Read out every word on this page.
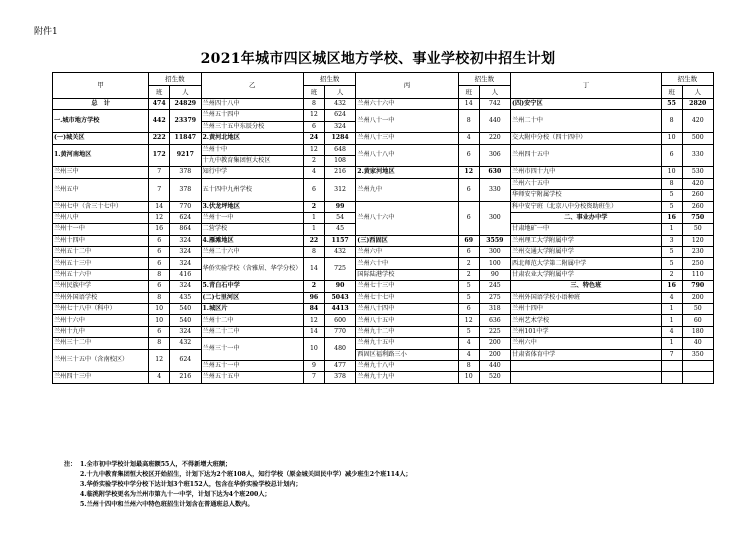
附件1
2021年城市四区城区地方学校、事业学校初中招生计划
甲	招生数		乙	招生数		丙	招生数		丁	招生数	
	班	人		班	人		班	人		班	人
总　计	474	24829	兰州四十八中	8	432	兰州六十六中	14	742	(四)安宁区	55	2820
一.城市地方学校	442	23379	兰州五十四中	12	624	兰州八十一中	8	440	兰州二十中	8	420
			兰州三十五中东辰分校	6	324						
(一)城关区	222	11847	2.黄河北地区	24	1284	兰州八十三中	4	220	交大附中分校（四十四中）	10	500
1.黄河南地区	172	9217	兰州十中	12	648	兰州八十八中	6	306	兰州四十五中	6	330
			十九中教育集团恒大校区	2	108						
兰州三中	7	378	知行中学	4	216	2.黄家河地区	12	630	兰州市四十九中	10	530
兰州五中	7	378	五十四中九州学校	6	312	兰州九中	6	330	兰州六十五中	8	420
									华师安宁附属学校	5	260
兰州七中（含三十七中）	14	770	3.伏龙坪地区	2	99	兰州八十六中	6	300	科中安宁班（北京八中分校资助班生）	5	260
兰州八中	12	624	兰州十一中	1	54				二、事业办中学	16	750
兰州十一中	16	864	二营学校	1	45				甘肃地矿一中	1	50
兰州十四中	6	324	4.雁滩地区	22	1157	(三)西固区	69	3559	兰州理工大学附属中学	3	120
兰州五十二中	6	324	兰州二十六中	8	432	兰州六中	6	300	兰州交通大学附属中学	5	230
兰州五十三中	6	324	华侨实验学校（含雅居、华学分校）	14	725	兰州六十中	2	100	西北师范大学第二附属中学	5	250
兰州五十六中	8	416				国际陆港学校	2	90	甘肃农业大学附属中学	2	110
兰州民族中学	6	324	5.青白石中学	2	90	兰州七十三中	5	245	三、特色班	16	790
兰州外国语学校	8	435	(二)七里河区	96	5043	兰州七十七中	5	275	兰州外国语学校小语种班	4	200
兰州七十八中（科中）	10	540	1.城区片	84	4413	兰州八十四中	6	318	兰州十四中	1	50
兰州十六中	10	540	兰州十二中	12	600	兰州八十五中	12	636	兰州艺术学校	1	60
兰州十九中	6	324	兰州二十二中	14	770	兰州九十二中	5	225	兰州101中学	4	180
兰州三十二中	8	432	兰州三十一中	10	480	兰州九十五中	4	200	兰州六中	1	40
兰州三十五中（含南校区）	12	624				西固区福利路三小	4	200	甘肃省体育中学	7	350
			兰州五十一中	9	477	兰州九十八中	8	440			
兰州四十三中	4	216	兰州五十五中	7	378	兰州九十九中	10	520			
注： 1.全市初中学校计划最高班额55人，不得新增大班额；
2.十九中教育集团恒大校区开始招生，计划下达为2个班108人，知行学校（原金城关回民中学）减少班生2个班114人；
3.华侨实验学校中学分校下达计划3个班152人，包含在华侨实验学校总计划内；
4.临洮附学校更名为兰州市第九十一中学，计划下达为4个班200人；
5.兰州十四中和兰州六中特色班招生计划含在普通班总人数内。
